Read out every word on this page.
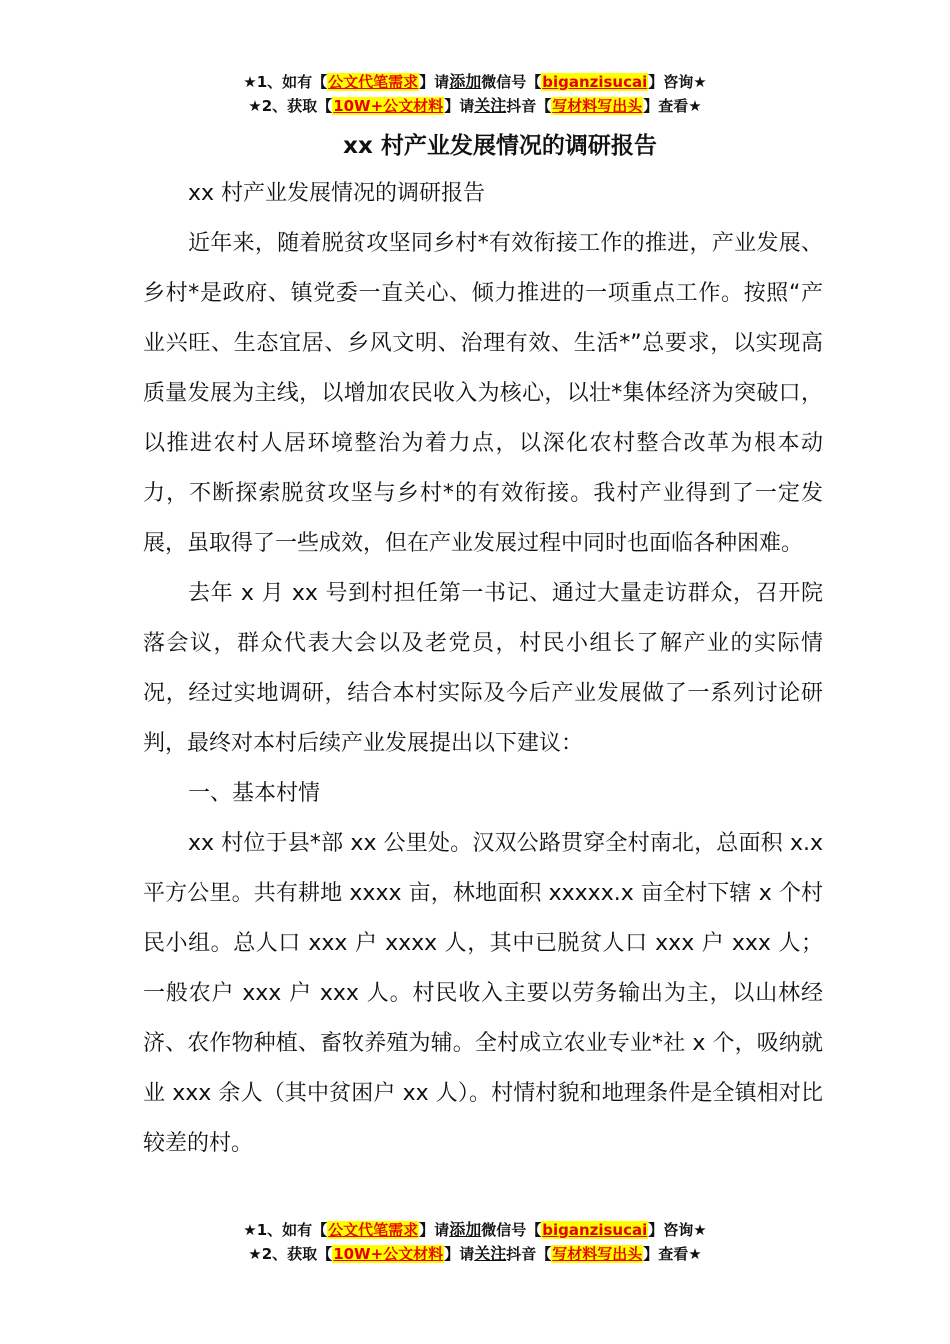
★1、如有【公文代笔需求】请添加微信号【biganzisucai】咨询★
★2、获取【10W+公文材料】请关注抖音【写材料写出头】查看★
xx 村产业发展情况的调研报告

xx 村产业发展情况的调研报告

近年来，随着脱贫攻坚同乡村*有效衔接工作的推进，产业发展、乡村*是政府、镇党委一直关心、倾力推进的一项重点工作。按照“产业兴旺、生态宜居、乡风文明、治理有效、生活*”总要求，以实现高质量发展为主线，以增加农民收入为核心，以壮*集体经济为突破口，以推进农村人居环境整治为着力点，以深化农村整合改革为根本动力，不断探索脱贫攻坚与乡村*的有效衔接。我村产业得到了一定发展，虽取得了一些成效，但在产业发展过程中同时也面临各种困难。

去年 x 月 xx 号到村担任第一书记、通过大量走访群众，召开院落会议，群众代表大会以及老党员，村民小组长了解产业的实际情况，经过实地调研，结合本村实际及今后产业发展做了一系列讨论研判，最终对本村后续产业发展提出以下建议：

一、基本村情

xx 村位于县*部 xx 公里处。汉双公路贯穿全村南北，总面积 x.x 平方公里。共有耕地 xxxx 亩，林地面积 xxxxx.x 亩全村下辖 x 个村民小组。总人口 xxx 户 xxxx 人，其中已脱贫人口 xxx 户 xxx 人；一般农户 xxx 户 xxx 人。村民收入主要以劳务输出为主，以山林经济、农作物种植、畜牧养殖为辅。全村成立农业专业*社 x 个，吸纳就业 xxx 余人（其中贫困户 xx 人）。村情村貌和地理条件是全镇相对比较差的村。

★1、如有【公文代笔需求】请添加微信号【biganzisucai】咨询★
★2、获取【10W+公文材料】请关注抖音【写材料写出头】查看★
